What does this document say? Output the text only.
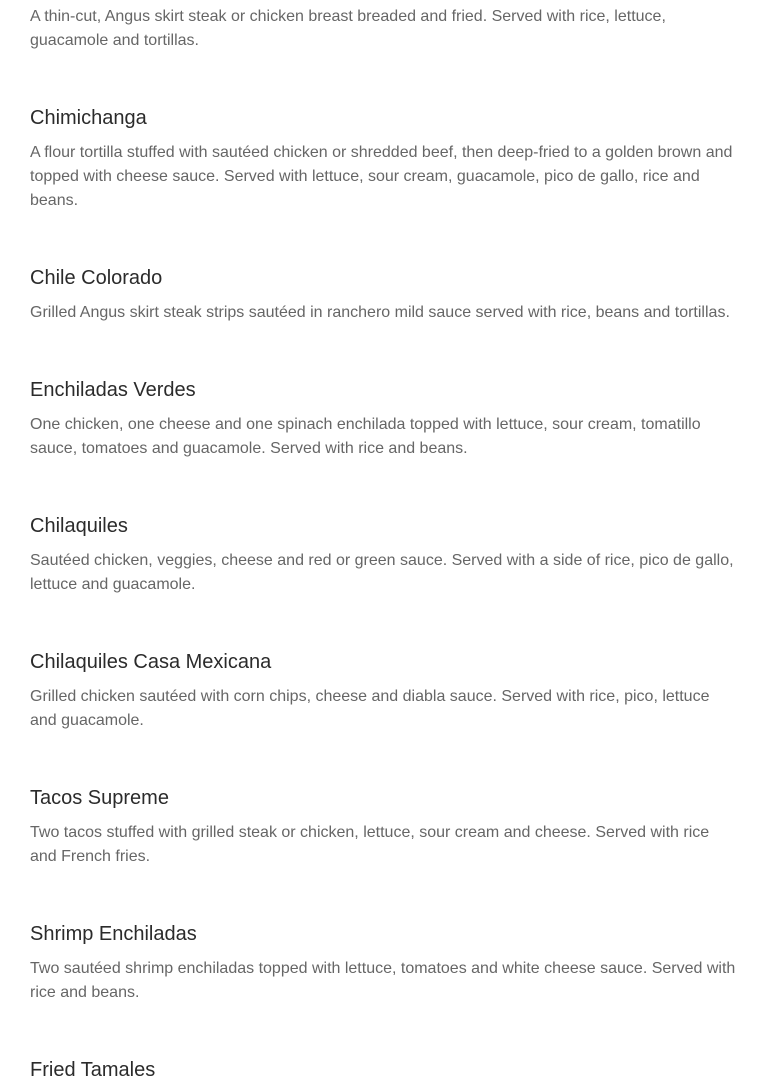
A thin-cut, Angus skirt steak or chicken breast breaded and fried. Served with rice, lettuce, guacamole and tortillas.

Chimichanga

A flour tortilla stuffed with sautéed chicken or shredded beef, then deep-fried to a golden brown and topped with cheese sauce. Served with lettuce, sour cream, guacamole, pico de gallo, rice and beans.

Chile Colorado

Grilled Angus skirt steak strips sautéed in ranchero mild sauce served with rice, beans and tortillas.

Enchiladas Verdes

One chicken, one cheese and one spinach enchilada topped with lettuce, sour cream, tomatillo sauce, tomatoes and guacamole. Served with rice and beans.

Chilaquiles

Sautéed chicken, veggies, cheese and red or green sauce. Served with a side of rice, pico de gallo, lettuce and guacamole.

Chilaquiles Casa Mexicana

Grilled chicken sautéed with corn chips, cheese and diabla sauce. Served with rice, pico, lettuce and guacamole.

Tacos Supreme

Two tacos stuffed with grilled steak or chicken, lettuce, sour cream and cheese. Served with rice and French fries.

Shrimp Enchiladas

Two sautéed shrimp enchiladas topped with lettuce, tomatoes and white cheese sauce. Served with rice and beans.

Fried Tamales
